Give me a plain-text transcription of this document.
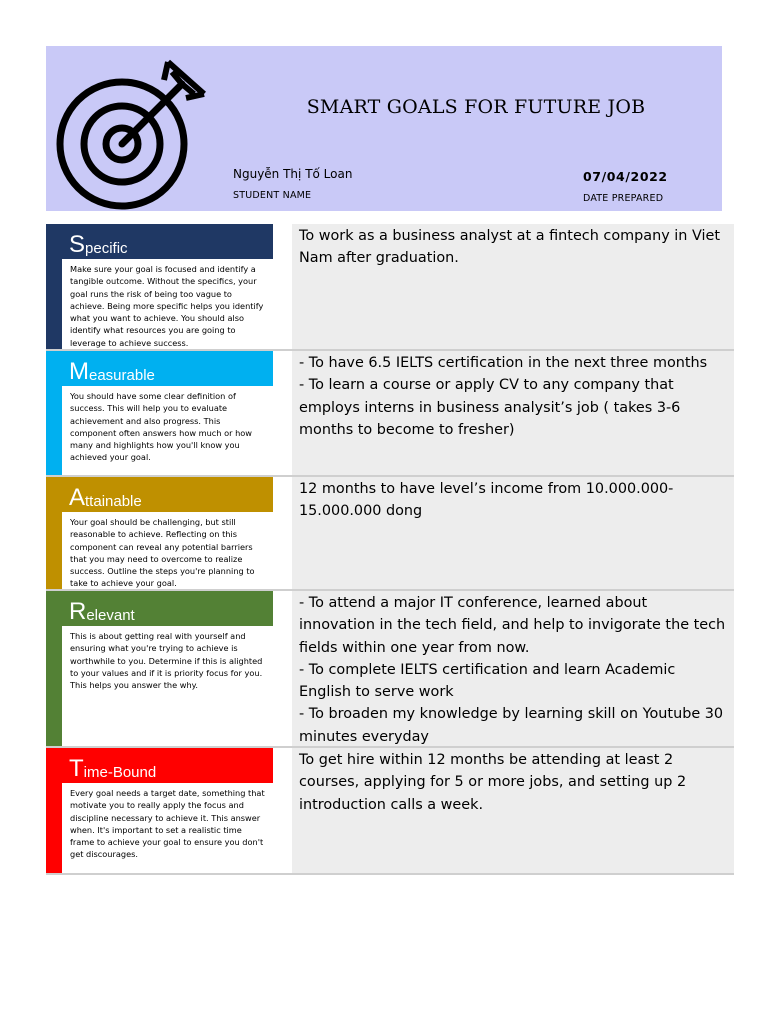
SMART GOALS FOR FUTURE JOB
Nguyễn Thị Tố Loan
STUDENT NAME
07/04/2022
DATE PREPARED
S pecific
Make sure your goal is focused and identify a tangible outcome. Without the specifics, your goal runs the risk of being too vague to achieve. Being more specific helps you identify what you want to achieve. You should also identify what resources you are going to leverage to achieve success.
To work as a business analyst at a fintech company in Viet Nam after graduation.
M easurable
You should have some clear definition of success. This will help you to evaluate achievement and also progress. This component often answers how much or how many and highlights how you'll know you achieved your goal.
- To have 6.5 IELTS certification in the next three months
- To learn a course or apply CV to any company that employs interns in business analysit’s job ( takes 3-6 months to become to fresher)
A ttainable
Your goal should be challenging, but still reasonable to achieve. Reflecting on this component can reveal any potential barriers that you may need to overcome to realize success. Outline the steps you're planning to take to achieve your goal.
12 months to have level’s income from 10.000.000-15.000.000 dong
R elevant
This is about getting real with yourself and ensuring what you're trying to achieve is worthwhile to you. Determine if this is alighted to your values and if it is priority focus for you. This helps you answer the why.
- To attend a major IT conference, learned about innovation in the tech field, and help to invigorate the tech fields within one year from now.
- To complete IELTS certification and learn Academic English to serve work
- To broaden my knowledge by learning skill on Youtube 30 minutes everyday
T ime-Bound
Every goal needs a target date, something that motivate you to really apply the focus and discipline necessary to achieve it. This answer when. It's important to set a realistic time frame to achieve your goal to ensure you don't get discourages.
To get hire within 12 months be attending at least 2 courses, applying for 5 or more jobs, and setting up 2 introduction calls a week.
